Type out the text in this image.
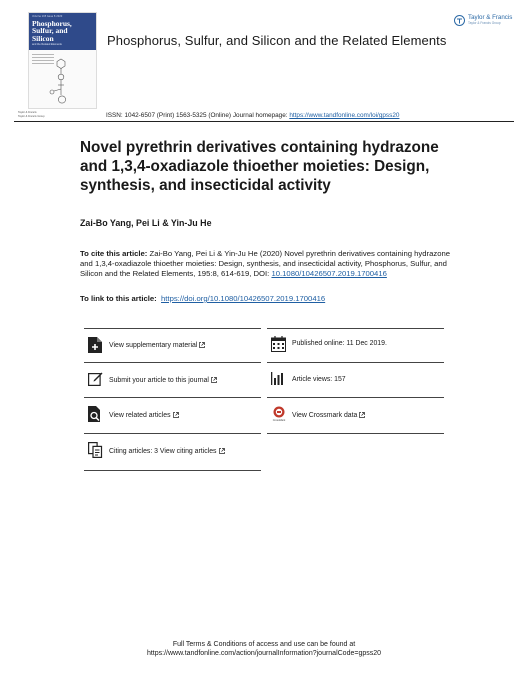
Volume 195 Issue 8 2020
Phosphorus,
Sulfur, and
Silicon
and the Related Elements
Taylor & Francis
Taylor & Francis Group
Phosphorus, Sulfur, and Silicon and the Related Elements
Taylor & Francis
Taylor & Francis Group
ISSN: 1042-6507 (Print) 1563-5325 (Online) Journal homepage: https://www.tandfonline.com/loi/gpss20
Novel pyrethrin derivatives containing hydrazone and 1,3,4-oxadiazole thioether moieties: Design, synthesis, and insecticidal activity
Zai-Bo Yang, Pei Li & Yin-Ju He
To cite this article: Zai-Bo Yang, Pei Li & Yin-Ju He (2020) Novel pyrethrin derivatives containing hydrazone and 1,3,4-oxadiazole thioether moieties: Design, synthesis, and insecticidal activity, Phosphorus, Sulfur, and Silicon and the Related Elements, 195:8, 614-619, DOI: 10.1080/10426507.2019.1700416
To link to this article:  https://doi.org/10.1080/10426507.2019.1700416
View supplementary material	Published online: 11 Dec 2019.
Submit your article to this journal	Article views: 157
View related articles
CrossMark
View Crossmark data
Citing articles: 3 View citing articles
Full Terms & Conditions of access and use can be found at
https://www.tandfonline.com/action/journalInformation?journalCode=gpss20
